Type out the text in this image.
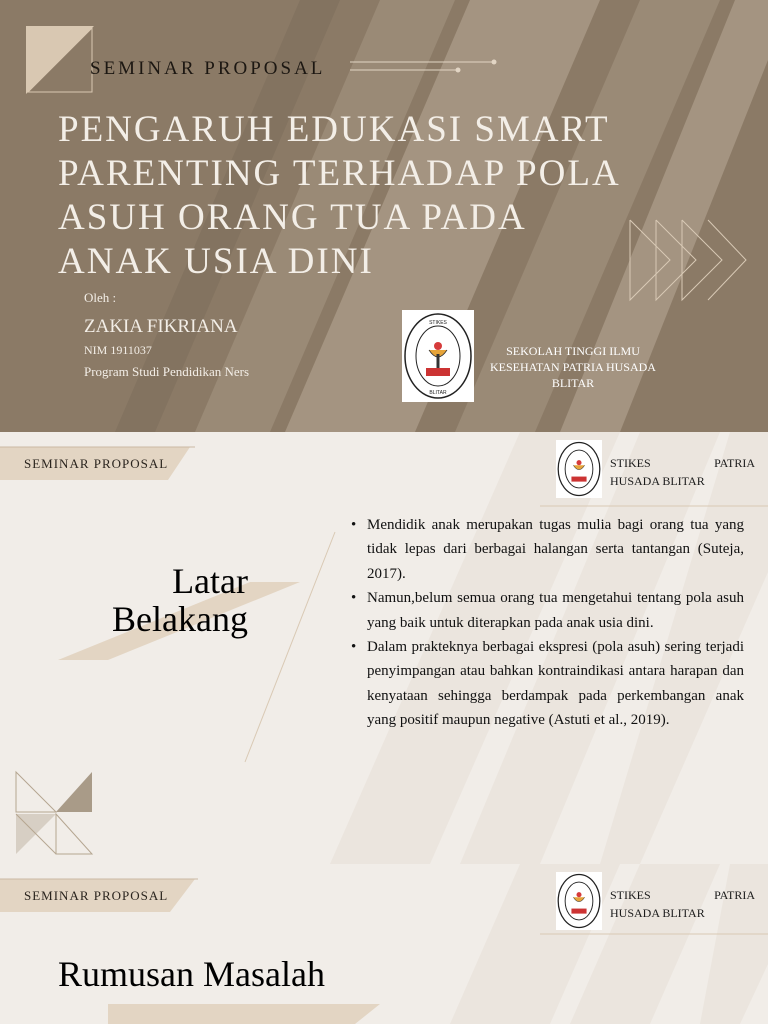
SEMINAR PROPOSAL
PENGARUH EDUKASI SMART
PARENTING TERHADAP POLA
ASUH ORANG TUA PADA
ANAK USIA DINI
Oleh :
ZAKIA FIKRIANA
NIM 1911037
Program Studi Pendidikan Ners
STIKES
BLITAR
SEKOLAH TINGGI ILMU
KESEHATAN PATRIA HUSADA
BLITAR
SEMINAR PROPOSAL	STIKES PATRIA
HUSADA BLITAR
Latar
Belakang
• Mendidik anak merupakan tugas mulia bagi orang tua yang tidak lepas dari berbagai halangan serta tantangan (Suteja, 2017).
• Namun,belum semua orang tua mengetahui tentang pola asuh yang baik untuk diterapkan pada anak usia dini.
• Dalam prakteknya berbagai ekspresi (pola asuh) sering terjadi penyimpangan atau bahkan kontraindikasi antara harapan dan kenyataan sehingga berdampak pada perkembangan anak yang positif maupun negative (Astuti et al., 2019).
SEMINAR PROPOSAL	STIKES PATRIA
HUSADA BLITAR
Rumusan Masalah
